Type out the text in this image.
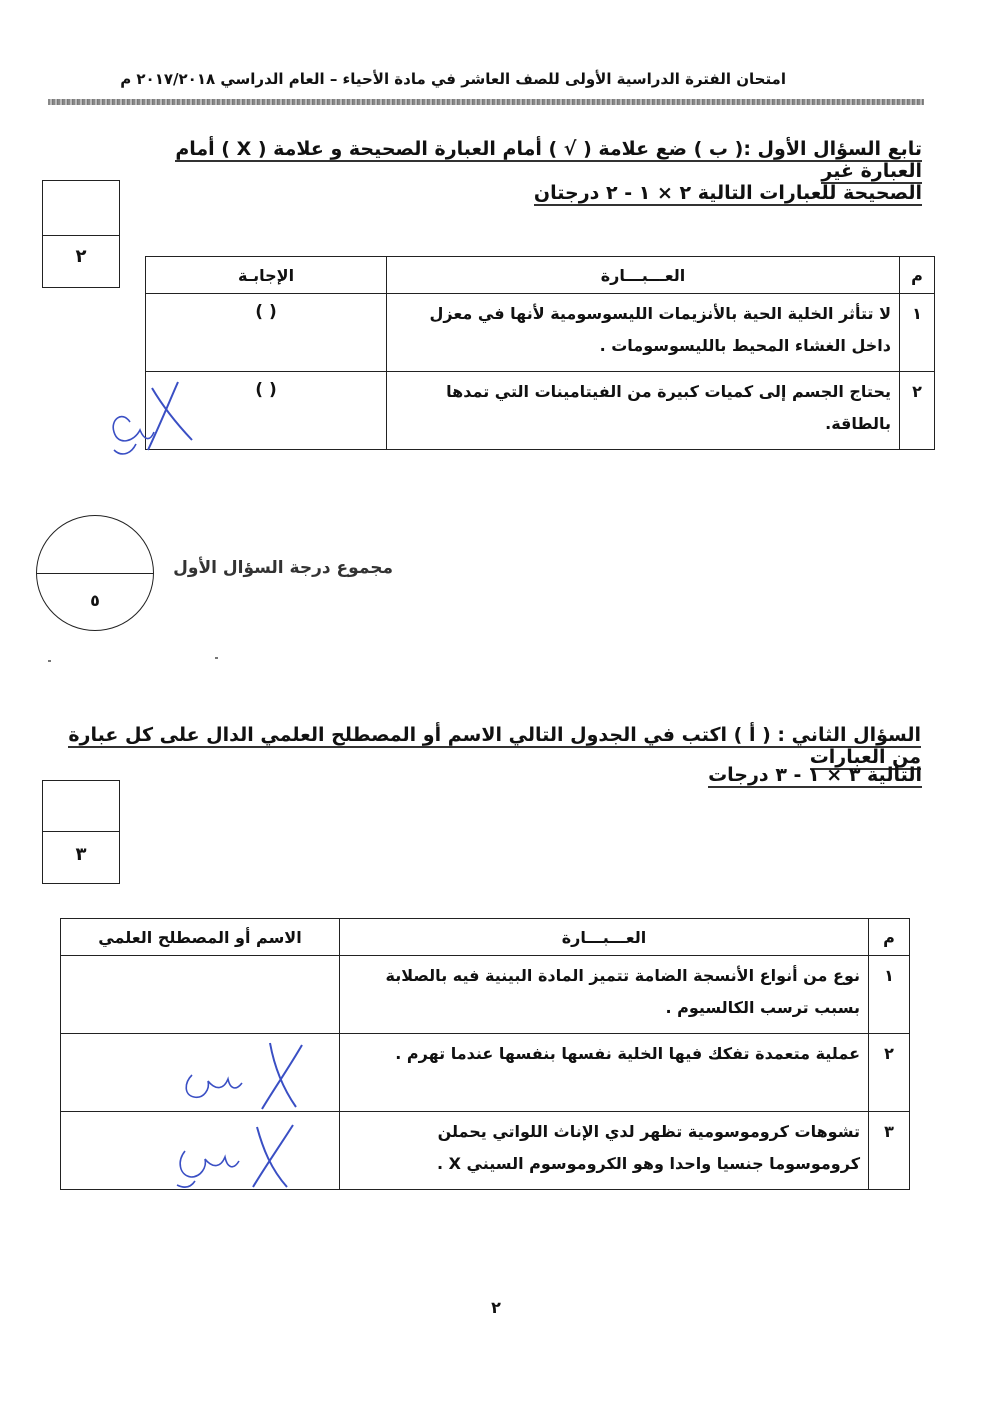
امتحان الفترة الدراسية الأولى للصف العاشر في مادة الأحياء – العام الدراسي ٢٠١٧/٢٠١٨ م
تابع السؤال الأول :( ب ) ضع علامة ( √ ) أمام العبارة الصحيحة و علامة ( X ) أمام العبارة غير
الصحيحة للعبارات التالية ٢ × ١ - ٢ درجتان
٢
م	العـــبـــارة	الإجابـة
١	لا تتأثر الخلية الحية بالأنزيمات الليسوسومية لأنها في معزل داخل الغشاء المحيط بالليسوسومات .	( )
٢	يحتاج الجسم إلى كميات كبيرة من الفيتامينات التي تمدها بالطاقة.	( )
٥
مجموع درجة السؤال الأول
السؤال الثاني : ( أ ) اكتب في الجدول التالي الاسم أو المصطلح العلمي الدال على كل عبارة من العبارات
التالية ٣ × ١ - ٣ درجات
٣
م	العـــبـــارة	الاسم أو المصطلح العلمي
١	نوع من أنواع الأنسجة الضامة تتميز المادة البينية فيه بالصلابة بسبب ترسب الكالسيوم .	
٢	عملية متعمدة تفكك فيها الخلية نفسها بنفسها عندما تهرم .	
٣	تشوهات كروموسومية تظهر لدي الإناث اللواتي يحملن كروموسوما جنسيا واحدا وهو الكروموسوم السيني X .	
٢
